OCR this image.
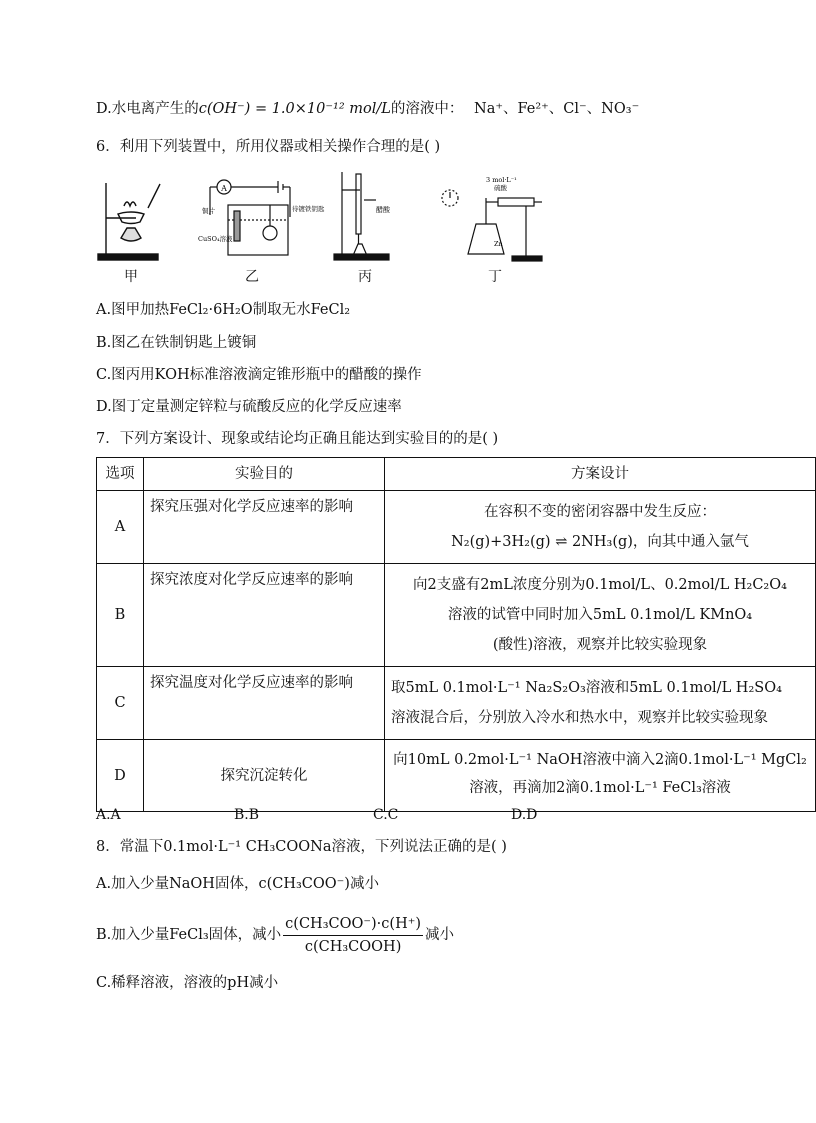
D.水电离产生的c(OH⁻) = 1.0×10⁻¹² mol/L的溶液中： Na⁺、Fe²⁺、Cl⁻、NO₃⁻
6．利用下列装置中，所用仪器或相关操作合理的是( )
甲
A
铜片	待镀铁钥匙
CuSO₄溶液
乙
醋酸
丙
3 mol·L⁻¹
硫酸
Zn
丁
A.图甲加热FeCl₂·6H₂O制取无水FeCl₂
B.图乙在铁制钥匙上镀铜
C.图丙用KOH标准溶液滴定锥形瓶中的醋酸的操作
D.图丁定量测定锌粒与硫酸反应的化学反应速率
7．下列方案设计、现象或结论均正确且能达到实验目的的是( )
选项	实验目的	方案设计
A	探究压强对化学反应速率的影响	在容积不变的密闭容器中发生反应：
N₂(g)+3H₂(g) ⇌ 2NH₃(g)，向其中通入氩气

B	探究浓度对化学反应速率的影响	向2支盛有2mL浓度分别为0.1mol/L、0.2mol/L H₂C₂O₄
溶液的试管中同时加入5mL 0.1mol/L KMnO₄
(酸性)溶液，观察并比较实验现象

C	探究温度对化学反应速率的影响	取5mL 0.1mol·L⁻¹ Na₂S₂O₃溶液和5mL 0.1mol/L H₂SO₄
溶液混合后，分别放入冷水和热水中，观察并比较实验现象

D	探究沉淀转化	向10mL 0.2mol·L⁻¹ NaOH溶液中滴入2滴0.1mol·L⁻¹ MgCl₂
溶液，再滴加2滴0.1mol·L⁻¹ FeCl₃溶液
A.A	B.B	C.C	D.D
8．常温下0.1mol·L⁻¹ CH₃COONa溶液，下列说法正确的是( )
A.加入少量NaOH固体，c(CH₃COO⁻)减小
B.加入少量FeCl₃固体，减小 $\frac{\text{c(CH₃COO⁻)·c(H⁺)}}{\text{c(CH₃COOH)}}$ 减小
C.稀释溶液，溶液的pH减小
